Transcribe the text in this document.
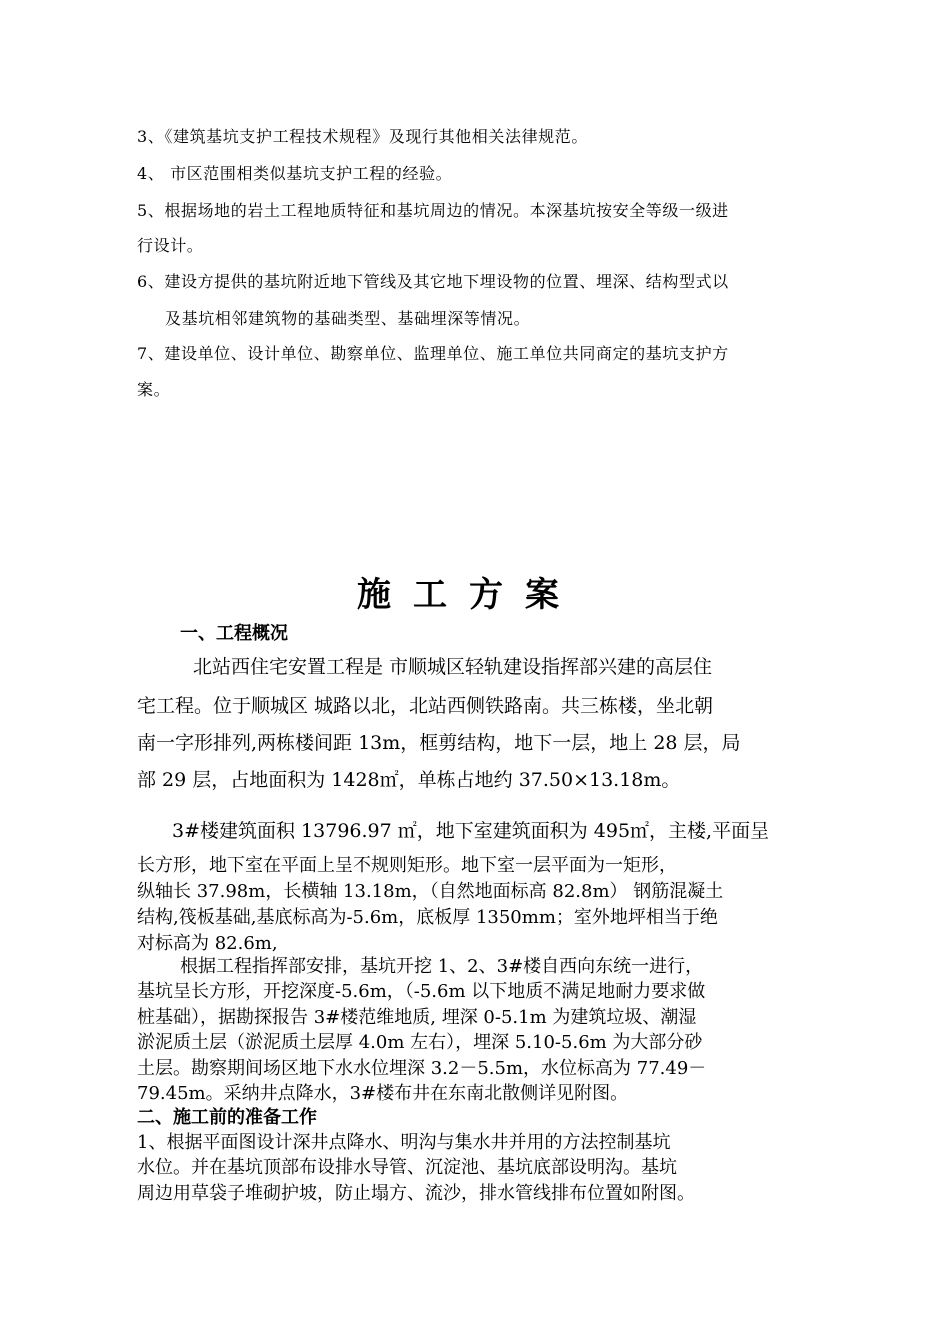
3、《建筑基坑支护工程技术规程》及现行其他相关法律规范。
4、 市区范围相类似基坑支护工程的经验。
5、根据场地的岩土工程地质特征和基坑周边的情况。本深基坑按安全等级一级进
行设计。
6、建设方提供的基坑附近地下管线及其它地下埋设物的位置、埋深、结构型式以
及基坑相邻建筑物的基础类型、基础埋深等情况。
7、建设单位、设计单位、勘察单位、监理单位、施工单位共同商定的基坑支护方
案。
施工方案
一、工程概况
北站西住宅安置工程是 市顺城区轻轨建设指挥部兴建的高层住
宅工程。位于顺城区 城路以北，北站西侧铁路南。共三栋楼，坐北朝
南一字形排列,两栋楼间距 13m，框剪结构，地下一层，地上 28 层，局
部 29 层，占地面积为 1428㎡，单栋占地约 37.50×13.18m。
3#楼建筑面积 13796.97 ㎡，地下室建筑面积为 495㎡，主楼,平面呈
长方形，地下室在平面上呈不规则矩形。地下室一层平面为一矩形，
纵轴长 37.98m，长横轴 13.18m，（自然地面标高 82.8m） 钢筋混凝土
结构,筏板基础,基底标高为-5.6m，底板厚 1350mm；室外地坪相当于绝
对标高为 82.6m,
根据工程指挥部安排，基坑开挖 1、2、3#楼自西向东统一进行，
基坑呈长方形，开挖深度-5.6m，（-5.6m 以下地质不满足地耐力要求做
桩基础），据勘探报告 3#楼范维地质, 埋深 0-5.1m 为建筑垃圾、潮湿
淤泥质土层（淤泥质土层厚 4.0m 左右），埋深 5.10-5.6m 为大部分砂
土层。勘察期间场区地下水水位埋深 3.2－5.5m，水位标高为 77.49－
79.45m。采纳井点降水，3#楼布井在东南北散侧详见附图。
二、施工前的准备工作
1、根据平面图设计深井点降水、明沟与集水井并用的方法控制基坑
水位。并在基坑顶部布设排水导管、沉淀池、基坑底部设明沟。基坑
周边用草袋子堆砌护坡，防止塌方、流沙，排水管线排布位置如附图。
